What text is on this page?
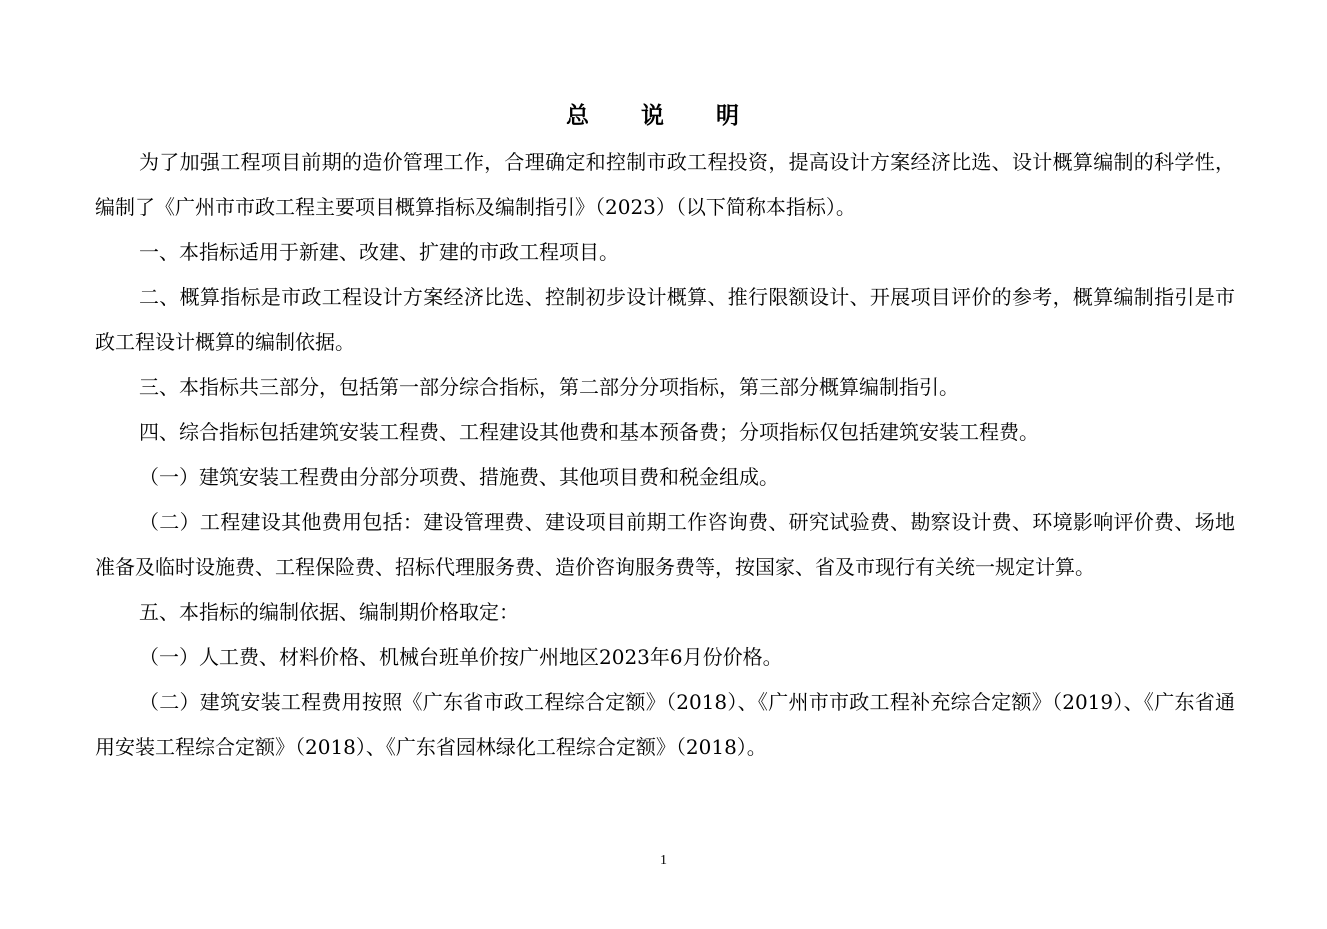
总 说 明

为了加强工程项目前期的造价管理工作，合理确定和控制市政工程投资，提高设计方案经济比选、设计概算编制的科学性，编制了《广州市市政工程主要项目概算指标及编制指引》（2023）（以下简称本指标）。

一、本指标适用于新建、改建、扩建的市政工程项目。

二、概算指标是市政工程设计方案经济比选、控制初步设计概算、推行限额设计、开展项目评价的参考，概算编制指引是市政工程设计概算的编制依据。

三、本指标共三部分，包括第一部分综合指标，第二部分分项指标，第三部分概算编制指引。

四、综合指标包括建筑安装工程费、工程建设其他费和基本预备费；分项指标仅包括建筑安装工程费。

（一）建筑安装工程费由分部分项费、措施费、其他项目费和税金组成。

（二）工程建设其他费用包括：建设管理费、建设项目前期工作咨询费、研究试验费、勘察设计费、环境影响评价费、场地准备及临时设施费、工程保险费、招标代理服务费、造价咨询服务费等，按国家、省及市现行有关统一规定计算。

五、本指标的编制依据、编制期价格取定：

（一）人工费、材料价格、机械台班单价按广州地区2023年6月份价格。

（二）建筑安装工程费用按照《广东省市政工程综合定额》（2018）、《广州市市政工程补充综合定额》（2019）、《广东省通用安装工程综合定额》（2018）、《广东省园林绿化工程综合定额》（2018）。

1
